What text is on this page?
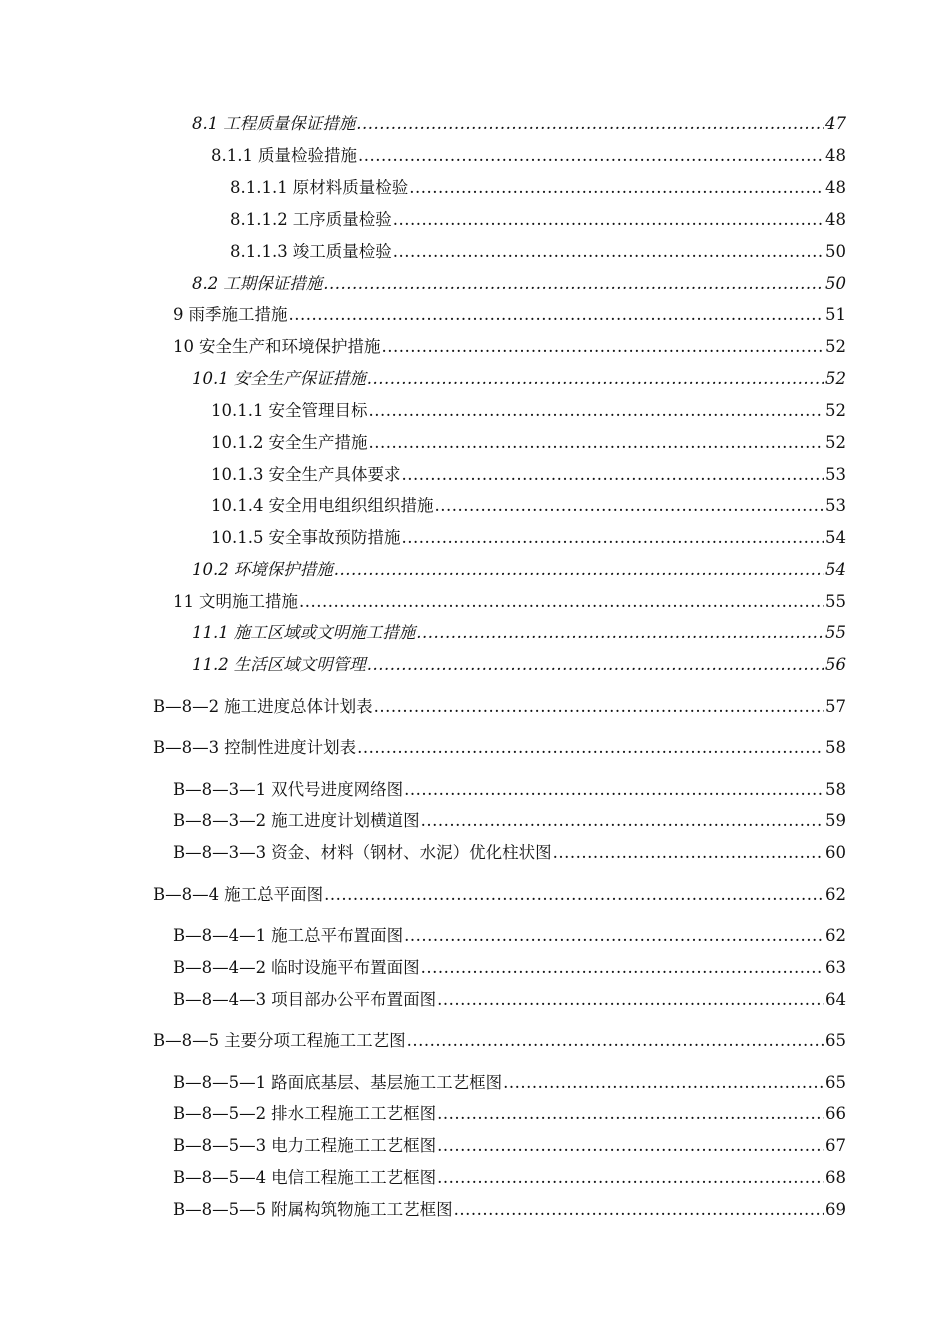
8.1 工程质量保证措施 .....	47
8.1.1 质量检验措施 .....	48
8.1.1.1 原材料质量检验 .....	48
8.1.1.2 工序质量检验 .....	48
8.1.1.3 竣工质量检验 .....	50
8.2 工期保证措施 .....	50
9 雨季施工措施 .....	51
10 安全生产和环境保护措施 .....	52
10.1 安全生产保证措施 .....	52
10.1.1 安全管理目标 .....	52
10.1.2 安全生产措施 .....	52
10.1.3 安全生产具体要求 .....	53
10.1.4 安全用电组织组织措施 .....	53
10.1.5 安全事故预防措施 .....	54
10.2 环境保护措施 .....	54
11 文明施工措施 .....	55
11.1 施工区域或文明施工措施 .....	55
11.2 生活区域文明管理 .....	56
B—8—2 施工进度总体计划表 .....	57
B—8—3 控制性进度计划表 .....	58
B—8—3—1 双代号进度网络图 .....	58
B—8—3—2 施工进度计划横道图 .....	59
B—8—3—3 资金、材料（钢材、水泥）优化柱状图 .....	60
B—8—4 施工总平面图 .....	62
B—8—4—1 施工总平布置面图 .....	62
B—8—4—2 临时设施平布置面图 .....	63
B—8—4—3 项目部办公平布置面图 .....	64
B—8—5 主要分项工程施工工艺图 .....	65
B—8—5—1 路面底基层、基层施工工艺框图 .....	65
B—8—5—2 排水工程施工工艺框图 .....	66
B—8—5—3 电力工程施工工艺框图 .....	67
B—8—5—4 电信工程施工工艺框图 .....	68
B—8—5—5 附属构筑物施工工艺框图 .....	69
